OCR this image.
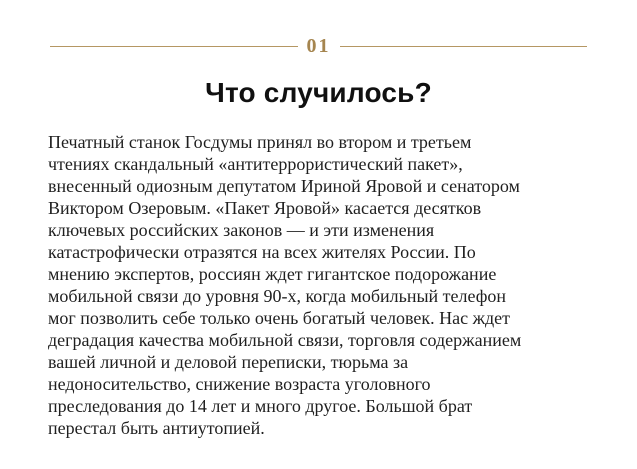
01
Что случилось?
Печатный станок Госдумы принял во втором и третьем
чтениях скандальный «антитеррористический пакет»,
внесенный одиозным депутатом Ириной Яровой и сенатором
Виктором Озеровым. «Пакет Яровой» касается десятков
ключевых российских законов — и эти изменения
катастрофически отразятся на всех жителях России. По
мнению экспертов, россиян ждет гигантское подорожание
мобильной связи до уровня 90-х, когда мобильный телефон
мог позволить себе только очень богатый человек. Нас ждет
деградация качества мобильной связи, торговля содержанием
вашей личной и деловой переписки, тюрьма за
недоносительство, снижение возраста уголовного
преследования до 14 лет и много другое. Большой брат
перестал быть антиутопией.
